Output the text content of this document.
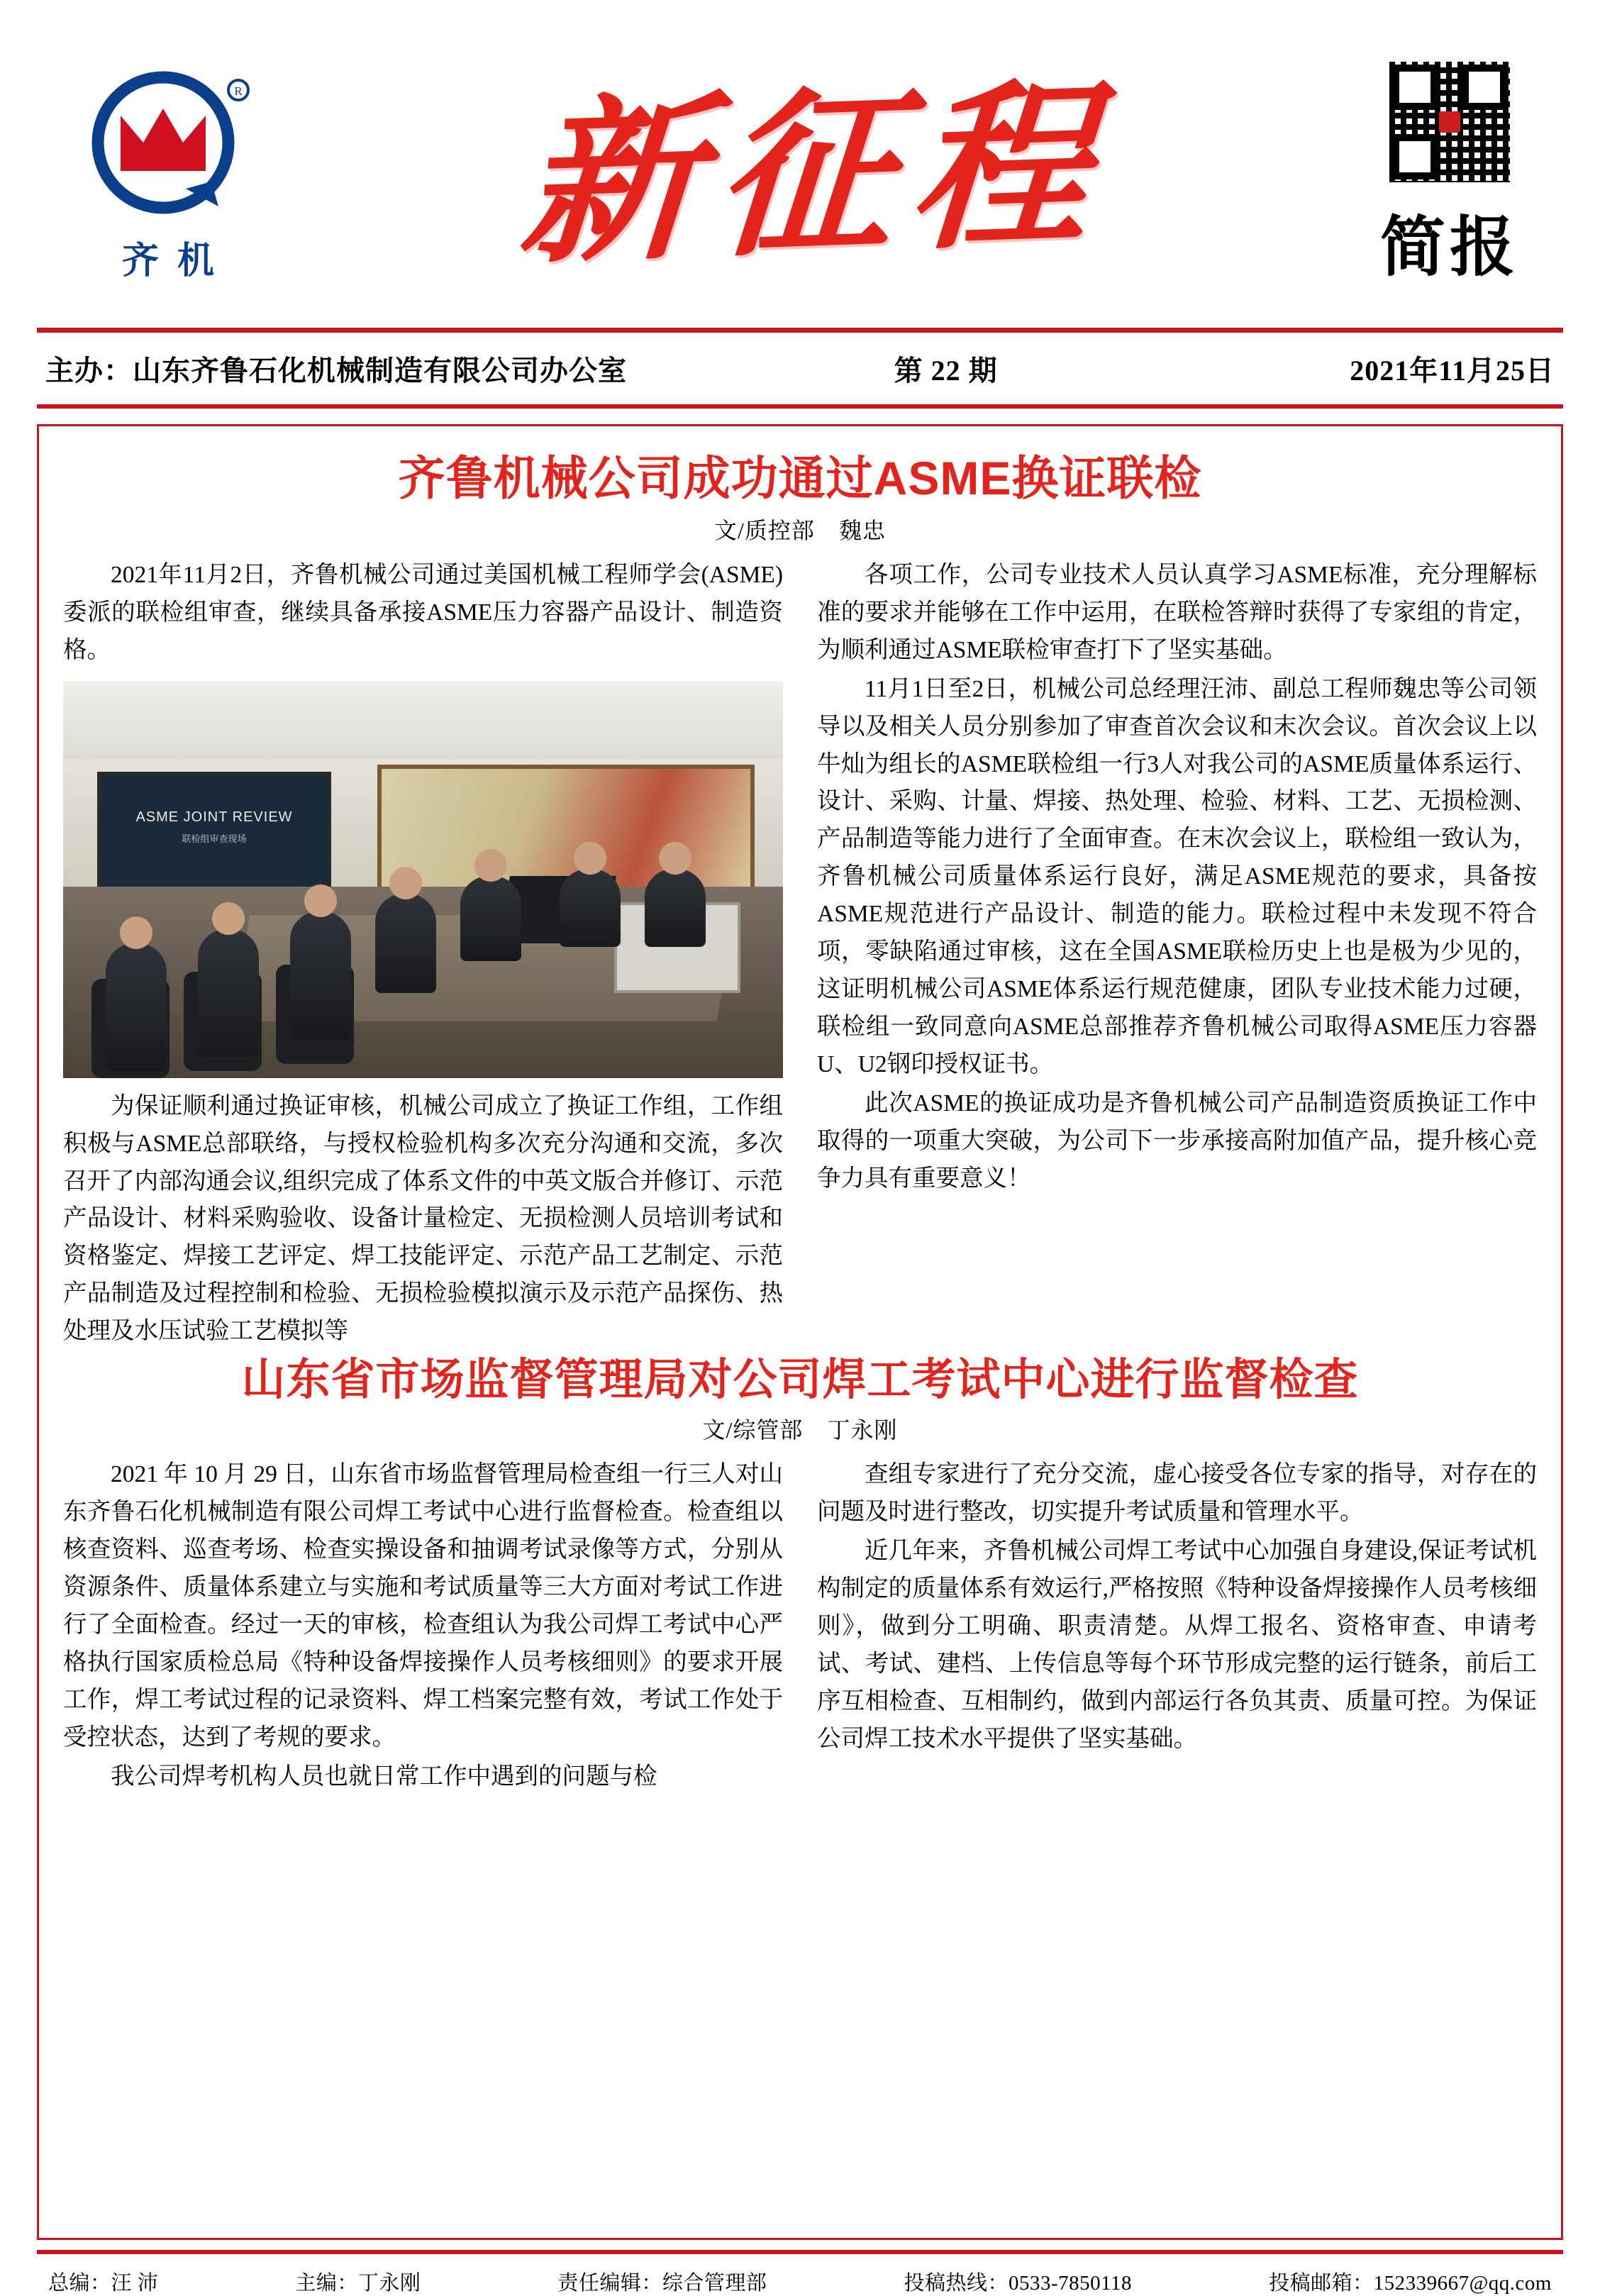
R
齐机 新征程	简报
主办：山东齐鲁石化机械制造有限公司办公室	第 22 期	2021年11月25日
齐鲁机械公司成功通过ASME换证联检
文/质控部 魏忠

2021年11月2日，齐鲁机械公司通过美国机械工程师学会(ASME)委派的联检组审查，继续具备承接ASME压力容器产品设计、制造资格。

ASME JOINT REVIEW
联检组审查现场

为保证顺利通过换证审核，机械公司成立了换证工作组，工作组积极与ASME总部联络，与授权检验机构多次充分沟通和交流，多次召开了内部沟通会议,组织完成了体系文件的中英文版合并修订、示范产品设计、材料采购验收、设备计量检定、无损检测人员培训考试和资格鉴定、焊接工艺评定、焊工技能评定、示范产品工艺制定、示范产品制造及过程控制和检验、无损检验模拟演示及示范产品探伤、热处理及水压试验工艺模拟等

各项工作，公司专业技术人员认真学习ASME标准，充分理解标准的要求并能够在工作中运用，在联检答辩时获得了专家组的肯定，为顺利通过ASME联检审查打下了坚实基础。

11月1日至2日，机械公司总经理汪沛、副总工程师魏忠等公司领导以及相关人员分别参加了审查首次会议和末次会议。首次会议上以牛灿为组长的ASME联检组一行3人对我公司的ASME质量体系运行、设计、采购、计量、焊接、热处理、检验、材料、工艺、无损检测、产品制造等能力进行了全面审查。在末次会议上，联检组一致认为，齐鲁机械公司质量体系运行良好，满足ASME规范的要求，具备按ASME规范进行产品设计、制造的能力。联检过程中未发现不符合项，零缺陷通过审核，这在全国ASME联检历史上也是极为少见的，这证明机械公司ASME体系运行规范健康，团队专业技术能力过硬，联检组一致同意向ASME总部推荐齐鲁机械公司取得ASME压力容器U、U2钢印授权证书。

此次ASME的换证成功是齐鲁机械公司产品制造资质换证工作中取得的一项重大突破，为公司下一步承接高附加值产品，提升核心竞争力具有重要意义！

山东省市场监督管理局对公司焊工考试中心进行监督检查
文/综管部 丁永刚

2021 年 10 月 29 日，山东省市场监督管理局检查组一行三人对山东齐鲁石化机械制造有限公司焊工考试中心进行监督检查。检查组以核查资料、巡查考场、检查实操设备和抽调考试录像等方式，分别从资源条件、质量体系建立与实施和考试质量等三大方面对考试工作进行了全面检查。经过一天的审核，检查组认为我公司焊工考试中心严格执行国家质检总局《特种设备焊接操作人员考核细则》的要求开展工作，焊工考试过程的记录资料、焊工档案完整有效，考试工作处于受控状态，达到了考规的要求。

我公司焊考机构人员也就日常工作中遇到的问题与检

查组专家进行了充分交流，虚心接受各位专家的指导，对存在的问题及时进行整改，切实提升考试质量和管理水平。

近几年来，齐鲁机械公司焊工考试中心加强自身建设,保证考试机构制定的质量体系有效运行,严格按照《特种设备焊接操作人员考核细则》，做到分工明确、职责清楚。从焊工报名、资格审查、申请考试、考试、建档、上传信息等每个环节形成完整的运行链条，前后工序互相检查、互相制约，做到内部运行各负其责、质量可控。为保证公司焊工技术水平提供了坚实基础。

总编：汪 沛	主编：丁永刚	责任编辑：综合管理部	投稿热线：0533-7850118	投稿邮箱：152339667@qq.com
